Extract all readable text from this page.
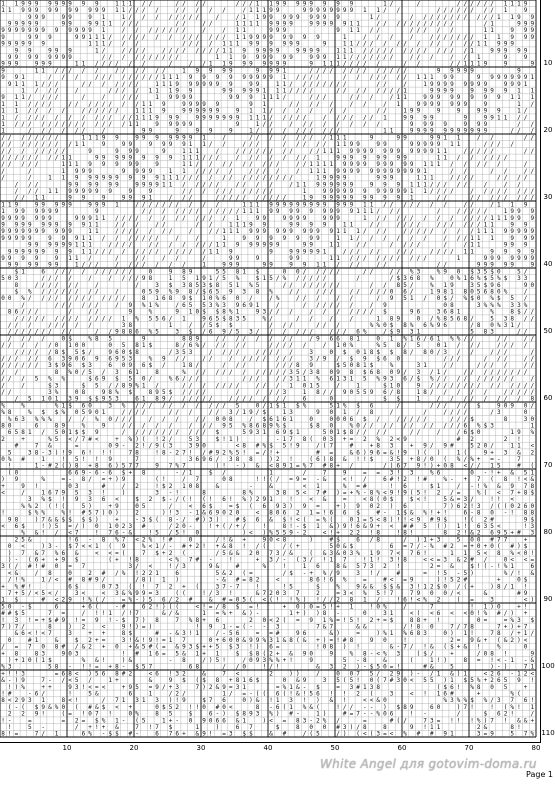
1 1 9 9 9 9 9 9 9 9 9	1 1 1 / /	/ / / /	/ / / 1 1 9 9 9 9 9 9 9 9	1 /	/	/ / / / / / 1 1 1 9
1 1 9 9 9 9 9 9 9 9 9 9 1 1 / / / /	/ / / / /	/ 1 1 1 9 9	9 9 9 9 9 9 9 9 1 1 / /	/ / / / / / / / 1	9
9 9 9	9 9	9 1	1 / / / / / / / /	/	/ 1 1 9 9 9 9 9 9 9 9 9	1 /	/ / / / / / / / / / / 1 1 9 9
9 9 9 9 9	9 9	9 9 1 1 / / /	/ /	/ /	1 1 1 1 9 9 9 9	9 9 9 9 9 1 1	/ / / / / / / / / / /	/ 1	9 9 9
9 9 9 9 9 9 9 9 9 9 9 9 1	/ / / / / / / /	/	/ 1 1	9 9 9	9 1 1 / /	/ / / / /	1 1	9 9 9
9	9 9 9	9 9 1 1 1 / / / / / / / / / / / / / 1 1 9 9 9 9 9 9 9 9	1	/ / /	/	/ / / / / / / 1 1 9 9 9
9 9 9 9 9 9	1 1 1 / / /	/ / / / 1 1 1 9 9 9 9 9 9	9	1 1 / / / / / / / / / / / / 1 1 9 9 9
9 9	9 9 9	1 /	/ / / /	/ / / / / / / / 1 1 9 9 9 9 9	9 9 9 9	1 1 1 / / / / / / / / / / / / / 1	9 9 9 9 9
9 9 9 9 9 9 9 9	/ / / / / / / / / /	1 1 9 9 9 9 9 9	9 9 9 1 1 / / / / / / /	/ / /	/ / 1	9	9
9 9 9	9 9 9	1 1 / / / / / /	/	/ / 1 1 9 9 9 9 9 9 9	9 1 1 1 / / / / /	/ /	/ / 1 1 1 9	9	9
9	1 1 / / / / /	/ / / / / /	1 9 9 9 9	9 9 9 1	/ / / / / / / / / / / / /	9 9 9 9 9	9
9 9 1	/ / /	/ / / / / / / / / 1 1 1 9 9 9 9 9 9 9 9 9 1 / / / /	/ / / / / / / 1 1 1 9 9	9 9 9 9 9 9 9 1
9 1 1 1 / / /	/ / / / / / /	1 1 1 9 9 9 9 9 9 9	9 9	1 1 / / / / / / / /	/ /	/	1 9 9 9 9 9 9 9 9	9 9 9 1
1 / / /	/	/ / / / 1 1 1 9 9	9 9 9 9 9 1 1 1 / / / /	/ / / / / / / / 1	9 9 9 9	9 9 9 9 1 1
9 1 1 / / / /	/	/	/ / /	1 9 9 9 9	9 9 9 1 1 1 /	/ / /	/ / /	/ 1 1	9 9 9 9 9 9 9 9 1 1 1
1 1 / / / /	/ / / / / / / / 1 1 9	9 9 9 9 9	9 1	/ / / / /	/ /	/ 1	9 9 9 9 9 9 9	9	1 /
1 1 / / / /	/ / / / / /	1 1 1 9	9 9 9 9 9 9	9 1 1 / / / /	/ /	/ /	1 9 9	9	9	9 9 9	1 /
1 / / / / / / / / / / / / 1 1 1 9 9 9	9 9 9 9 9 9 9 1 1 1 / / / / /	/ / / / / / 1	9 9 9 9	9	9 9 1 1 / /
1 / / / / / / / / / / / / / / 1 1	9 9 9 9 9	9	1 / /	/ / / / / / / /	9 9 9 9	9 9 9	/ /
1	/ / / / / /	/	9 9	9	9 9	9	1 / / / / / / / / /	1 1	9 9 9 9 9 9 9 9 9 9 9	/ / /
/ / / / / / / /	1 1 1 9 9	9 9 9 9 9 9 9 1	/	/ / / / / / / / 1 1 1	9	9 9	9 9 1 1	/ /	/ /
/ / / / / / / / / 1 1	9	9 9	9 9 9 9 1 1 / /	/ / /	/ / / / / 1 1 9 9	9 9	9 9 9 9 9 1 1	/ / / /
/ / / / / / / /	9	9 9 9	9	1 1 1	/	/ / / / / / / /	/ / 1 1 1 9 9 9 9 9 9 9 9 9 9 9 1 1	/ / / / /	/ /
/ / / / / / / / 1 1	9 9 9 9 9 9 9 9 1 1 1 / / /	/ / / / / / / 1	9 9 9 9 9 9 9 9	1 1 / / / / / /
/ / / / /	1 1 1 9 9 9 9 9	9	1 1 / / / / / / / / /	/ / 1 1 1 1 9 9 9 9 9 9 9 9 9 1 1 1 / / / / /	/
/	/	1 9 9 9	9 9 9 9	1 1 / / / / /	/ / / /	/ 1 1 1 9 9 9 9 9 9 9 9 9 9 9 9 1	/ /	/ /	/ /
/	/	1 1 9 9 9 9 9 9 9 9 9 1 1 1 / / / / / / / / / / / / / /	1 9 9 9 9	9 9 9	1 1 1	/ / / /	/ / / /
/ / /	9 9 9 9 9 9	9 9 9 9 1 1 / / / / /	/ / / /	/ 1 1 9 9 9 9 9 9	9 9 9 1 1 1 / / / / /	/	/ /
/ / / 1 1 9 9 9 9 9 9	9	9	/ / / / / / / / / / /	1	9 9 9 9 9 9 9 9 9 9 9 1 1 / / / /	/ / / / / / / /
/ / 1 1	9 9	9	9 9 9 1	/ / /	/ / / / / / / / / /	1 9 9 9 9 9 9 9 9 9 9 1	/ /	/ / / / / / / /
1 1 9	9 9 9 9 9	9 9 9 1	/ / / / / / / / / /	1 1 1 9 9 9 9 9 9 9 9 9 9 9 9 1 1 / / / / / / /	/ /	/ 1 1 9
1 9 9 9 9 9 9	9	/ / / / / / / / / / / / 1 1 1 9 9 9 9 9 9 9 9 9 1 1 1 / / /	/	/ / / / /	1 9 9 9
9 9 9 9 9 9 9	9 9 9 1 1 / / / / / / / / / / / / 1	9 9	9 9 9 9	9 9 9	1 / / / / / / / / / / / / 1 1 1 9 9 9
9 9 9 9 9 9 9 9 9 1 1	/ / /	/ /	/ /	1 1 1 9 9	9 9 9 9	1 1	/ /	/ / / /	/ / / / / / 1 1	9 9
9 9 9 9 9 9 9 9 9 9	1 1	/ / / / / / /	/	/ / 1 1 1 9 9 9 9 9 9 9 9 9 9 1 1 1 / / /	/ / / / / / / / 1 1 1 9 9 9 9 9
9 9 9 9 9	9 9 9 1 1 / / / / / / /	/	/	1	9 9 9 9 9 9 9	1 1 / / / / / /	/ / / 1 1 1	9 9 9
9 9 9 9 9 9 1 1 1	/ / / /	/ / / / / / / 1 1 9 9 9 9 9 9	9 9	1 1	/ /	/ / / /	/	/ 1 1	9 9 9
9 9 9 9 9 9 9 9 1 1 / / / / / / / / / / / / / 1 1 9	9	9 9 9 9 9 1	/ / / / /	/ / /	/ / / / 1 1	9 9 9 9
9 9 9 9	9 1 1 /	/	/ /	/ /	/	9 9	9	9 9	1 1 / / / / / / / / / /	1	9 9 9 9 9 9 9
9 9 9 9 9 9	1 / / /	/ / / / / / /	1	9 9 9	9 9	9 9 1 1 / / /	/ /	/ /	9 9 9 9 9	9
$ 1	6 / / / / / / / / / /	0	9 8 9	5 5 8 1 $	0 0 / / / / /	/ /	/ / % 3	% 9 0 $ 3 5 $ 0	5 /
5 0 3	/ / / /	/	/ / / / 9 8	1 5 1 9 1 / 5 %	$ 1 5 / % / / / / /	/	/ $ 3 6 8 %	0 % 1 6 % $ 5 % $ 3 3
8	/ / / / / /	/	/	3 $ 3 8 5 3 $ 8 5 1 % 5	/ / / / / / / /	/ / 8 5 /	% 1 9	3 5 $ 9 6	9 0
$ % / / / / / / / /	/	0 5 9 % 9 8 / $ 6 5 9 3 8 %	/ /	/ / /	/ / / / / 0 6 /	1 9 8 1 8 0 5 6 8 0 %	/
0 0 % / / / / / / / / / / / /	8 1 6 8 9 $ 1 0 % 6 0 /	/ %	/ / /	/ /	/ 9 5 1 / 0 $ / % $ 0 % $ 5 /
/	/ / / / / /	/ 9 % 1 %	/ 6 5 5 3 % 3 9 6 9 1	/	/ / / / / /	/ 9	0 8	3 % % % 3 3 %
8 6 / / /	/	/ /	9	%	9 1 0 $ $ 8 % 1	9 3 / / /	/ / / / / / / $	9 6	3 6 8 1	%	8 $ / /
/ / / / / / / / / / / / / 1 % 5 5 6 / 1	9 6 5 $ 8 3 5	% /	/ /	/	/	1 8 9	0 / % 8 5 6 8 /	5 3 8 / /
/ / /	/ / / / /	3 8	1	/ / 5 $ $	/ / /	/ / /	% % 0 $ 8 % 6 % 9 6	/ 8 0 % 3 1 /
/ / / / / / / / /	/ / 9 8 8 6 % 5	3 $ / 6 9 / 5 3 / / / / / /	/ / / 6 %	/ $ 9 3 1	5 8 3	/ /
/ / / /	0 $	% 8 5	9	8 8 9	/ / / / / / / /	/ 9 6 6 8 1	0 1 % 1 6 / 6 1 % % / /	/ /	/ /
/ / / / / 0 1 0 0	0 5 8 1 $	8 / 6 % / / / / /	/ / / / /	/ 1 0 %	% 5 8 / 5	0 1 / / /	/ / / /
/ / / / / 8 $ 5 $ /	9 6 0 $ 8	/ 3 5 3	/ / / /	/ / / / /	3	0 $ 0 1 8 $ $ 8 / 8 0 / 3 / /	/ / /	/
/ / / / / 6 3 9 0 6 9 6 9 5 3	% 9 / /	/ /	/ / / / / / / /	3 / 9 / $ 9 $ 6 0	/ / /	/ / /	/ /
/ / / / / / 3 $ 9 6 $ 3	6 0 9 6 $ /	1 8 /	/ / /	/ / / 8 9	$ 5 0 8 1 $	%	3 1	/ /	/ / / /	/ /
/ /	8 % 0 / 5 / 3 6 1	8	% / / / / / / / / / / / 3 5 / 3 8 0 9 8 $ 6 8 0 9 / 3 / 1 /	/ / / / / / / / /
/ / / 5 % %	$ 6 9 $ 5 0 /	% 6 / / /	/ / /	/ / 3 1 1 % 6 1 3 1 5 % 9 3 6 / $ % / / / / / / / / / /	/
/	/	$ 3	$ 5 / / 8 9 % 1 /	/ / / / / / /	/ / / 1 0 1 5	/	1	$ 1 0	9 / / / / / / / / / / / / / /
/ /	3 %	0 8	9 8 % $	8 9 5 $ / / / /	/	/ / / 3	1 8 / / 9 0 5 5 9 6 / 8	1 8 / / / / /	/ / / / /
/ 5 1 0 1 3 9 $ $ 9 5 3	6 1 8 9 / / / / / /	/ / / / / / /	6	0	$ $	1	/ / / / / / / / 8
%	%	% 1 $ 6 0	3 % / / / / / / / / / / 5	0 / 1 $ 1 $ %	5 1 % $ 6	/	/ / / / / $	9 0 9 0 /
% 8	% $ $ % 0 5 9 0 1	/ / / /	/ / /	/ / 3 / 1 9 / $	1 3	9 0 1 / 8	/	/	/ / / /	/ 3	0
% 6 3 % % %	/ / % 0 / / /	/ / /	/ / 0 0 8	/ $ 6 1 6 1	0	0 0 0 6 $ /	/ / / / /	/ / / $	8	3 0
8 0	6	8 9	%	9	/ / / / /	/ / / 9 5 % 8 6 8 9 % $	$ 8 0	% 0 / / / / / / / / / / / 6 % $ 3	1
6 5 8 1 / 5 0 1 $ $ 9	/ / / / / / / / / / / $	5 9 3 1 6 9 $ 1	5 0 1 $ 8 / / / /	/ /	/	/ 6 $ 0	1 9 %
2	+	% 5 < / 7 # <	+ % ) ( ! 2 /	5 3	$ ! 1 )	- 1 7 8 ( 0 3 + = 2 % 2 < 9	# 2	2 !
#	7 &	=	0 9 - 2 ! / 9 ( 3	3 9 0	< 8 # % $ 5 ! 9	/ ( 7	#	+ 8 3	+ 9 / 9 #	5 2 0 /	1 1 <
5	3 8 - 3 ) ! 9 6 ! ! !	7 8	! 8 - 2 7 ! / # 9 2 % 5 ! = / ! +	# =	& 6 ) 9 6 = & ! 9 ) ( )	1 (	9 + 3 & 2
0 % #	1	! 5 ! ! 9	7	3 6 9 6 / 3 8 8	) 2 !	( 6 ) 8 & ! ! $	3 5 + 8 / 0 ( % / % + = -	7
!	1 - # 2 ( ) 8 + 8 6 ) 5 7 7	9 7 % 7	) ! - ) & < 8 9 1 = % 7 # 8 + /	/ ) 6 7 9 ! ) + 0 8 < / / 1 5	# (
( 0	6 6 9 - 6 - 6 $ + 8	- / 1	$ /	1	/	7	9	= = 3 ! 3	% 6	0 - ! + & 5 1
) 9	%	= - 8 / = + ) 9	( !	/ 7	0 8	! ! ( / = 9 = - &	< ! /	6 # ! 2 ! #	% - + 7 ( 8 ! < &
+	9 !	0 3	#	/ 2	! $ 2 1 0 8	&	-	&	< 1	% = #	! 6	$ 1	/ - ! % & 9 7 8
<	/	1 6 7 9 5 3 !	)	3 - !	8	8 %	3 8 5 < 7 # ) = + % - 8 % < 9 ! 9 ( 5 ! 2 / =	% ( < 7 + 8 $
3 % $ ! 9 3 6 <	$ 2 $ - / ( ! ( ! 6 ! % ) 2 9 1	!	< &	=	< 8 ( 0 $	$ < !	5 & = 3 /	! ! <
% % 2 ( ! (	5 )	+ 9	0 5	/	< 6 $	= $ ( 6 9 3 ) 9 =	+ ) 9 0 2 ) 6	7 ) 6 2 ! 3 / ( ( 0 2 6 0
!	$ % %	% ! # 5 7 ) 0 )	2	) ! 3 - 1 & 6 9 0 2 0	< 8 0 6 2 1 = ! 6 6 $	# - 1 $ & % ! + !	6 - 8 0 - ! 8 8
9 8	) 7 & & $ $ $ $ )	+	- 3 $ ( 8 - / # ) 3 )	# $ 6 & $ ! < ( = % (	0 1 = 5 < 8 ) ! ! < 9 # 9 $	! ( 2 #	9 $
< 6 $	! ) 5 = / ) 0 1 0 2 3 #	/ 2 0 -	! + ( / + /	!	8 ! - $ 1 & ) 9 ! 6 & 9 + < # # 5 ( ) 1 ! 6 3 5 <	! 3
% & ! / < 7	! 7 6 - &	! 5 / 5 ! 0	) < ) % 5 5 9 - 2	< ! + 2 2 ! 8	! 8 !	8 2 ! & 2 6 9 5 + # 3
2 5 &	! 6 - 8 % 7 < 2 % ! #	0	/ ! & +	9 0 < 8	)	# $	6 / 8	/ ) 1 + 3	5 0 0 # 7 7	+
0 <	) 3 - $ 7 < < 1 ( 9	% < 1 / - # + 2 ! + & 8 ! / (	/ ( +	5 0 & $	6 = 7 / - % # 2 = + 0 + 0 ( # ) $
) 7 & 7 % 6 &	< < = (	7 $ + 2 (	/ 5 & & 2 0 7 3 / &	( & 3 & 0 3 % 1 9 7 < 7 6 !	1 1 5 < 8 % < 0 !
) - ( 6 + + 9 $	( + ! 8	< % 7 # -	!	+ 3 / - ( 3 / ! 1 7	! 1 ! 3 ! 8	< < = 3 & 2 # /	0 < < =
3 ( / # ! # 0 = 7	3 / <	! / 3	9 &	#	%	!	1 6	8 & 5 7 3 2 !	2 = &	$ ! ( - ! % 1	6
< &	/ 8	0	2 # / % ! 2 2 1	6	5 & 2 ( =	/ $ - + % / 9	3 ! /	#	= ! 5 - 5 )	% / ! &
/ ! %	1 / < # 8 # 9 /	/ 8 ) 1 )	- & # = 8 2	<	8 6 ! 6 %	=	# < = 9	) ! 5 2 #	+	0 $
+ % # !	6 $	0 7 3 ( ! 7 2 + (	3 7 - 7	!	! 5	$	%	9 & & $ $ & 3 ! 1 2 $ 0 / ( +	) 8 / 1 !
7 + 5 / < 5 < /	3 <	< 3 & % 9 9 = 3	( (	! / 3 !	& 7 2 0 3 7	2	= 3 < % 5 ! 7	7 9 0 0 / <	&	# 9
1 $	# < 2 9 ! % ( /	= % - ) 5 6 / 2 #	& # = 0 5 ( < ( ! ! % ) ! / / 2 8 1 /	! 6 ! < % 2	( =	3	< )
5 0 - $	6	+ 6 (	- #	6 2 ! ) ( (	< ! = / 8 $ = !	+ 0 ) 0 = 5 ! + 1	! 0 %	/	7	! 1 ) 0	+ !
# # $ 5	7 =	/ ! ! 1 / ! 7	& / &	1 = % + & ) -	1 + ) ) 8 -	0	3 1	< ( < 6 < < 0 ! % # / ) +
! 3 ! = + $ # 9 ! = 9 ! - $ 7 ) 8	7 % 8 + 6	2 0 < 2 ( = 9 1 % = ! 5 ! 2 + = $	8 8 + !	0 =	= % 3 $
7 ) 7 /	8	) 2	<	9 ! ) = )	! 9 1 - = ( - - 3	7 & 7	& &	/ ! 8 0	7 / 7 8	7 + ) + 7
& 6 < ! < 7	3	+ +	8 $	# - & 3 ! 1	/ - 5 6	= = #	9 6	& )	=	) % 1 % 6 8 3	0 ) 1 !	7 8 / + 1 /
0	# 1	&	$ 2 + =	3 ! & ! 9 ! = 1 7	0 + 6 0 0 & 9 9 % 3 1 & 8 ( & + ) = ! # 8	9 0	!	2 = 9 & + ( & 2 ) <
/ = 7 0 8 # / & 2 + 0 + & 5 # ( = & 9 3 $ + + 5 $ 3 ! ) 6 =	! 0 8 ) !	& - 7 / ! & ( $ + & !	%	0
+ 8	8 3	9 0 3	! # 1 6 = 5 & 1 + 1	$ $ 8 ( 2 + & 9 0	9	% 8 - < % 3	( $ /	+	/ 0 8 !	9
) + 1 0 ( 1 $	% & !	) &	- 8	/ ) 5 !	/ 0 9 3 % % + !	9	5 - 8	&	(	1 ! )	8 = ! < - 1 - &
% 3	5 8 - ! ! = + 8 - $ 5 7	6 8	/ / 0	! / !	& 3 2 ) - $ 5 0 = !	# &	5	) - )	7 1
+ ! ! 3	= 6 8 < ) 5 6 8 # 2	< 6 ! 3 2	&	7 <	2	) )	/	0 0 7 5 / 2 9 ) - / 1 & ) 1	< 2 6 - 1 2 <
& - ) 9	7 - / < 5 /	1 +	&	9 $ ( $ 8 + 8 1 6 $	0 & 9	3 5 ( 5 ! 0 ( 7 # 3 0 < 5 5 ) 1 $ 5 % + 2 6 5 9 !
! ) %	+ +	9 3 ! < = <	+ 9 5 = 9 / + 3	7 ) 2 & 9 = 3 1	= % 1 & - $	= 3 # 1 3 8	( $ 6 ! % 8 0 5	+
! #	- 6 /	!	5 &	6	1	/ 2 /	1 / = - ( ( 6 ( ! & ! 5 6 ! ! 2 (	3	< ! 1 6 #	+	% (
8 < 2 9 3 1	8 < !	/ 7 1 3 1 3 ) ! 9	$ 7 6	0 ) & ! 1 3 ! ) & !	< < & 0	% 3 % % $ % / 3 7 6 !
( - ( $ 9 & % 0 ( # & $ < +	0 $ 5 2 ! ! 0 # 0 <	8 - 6 ( 1 % & (	! / / - - ) $ 8 9	6 0	) 7 !	! ( % ! 1
2 2 9 !	( = ! 0 7 !	0 %	8 5	$	6 - ) $ 8 9 3 % ) # -	1 )	# = 7 - - % 0 6	! -	/	$ 6 2 !	/
! -	=	= 2 = $ % 1 - ( 5	1 + - 0 9 0 6 6 & 1	) < = 8 3 - 2 % /	=	# ( /	7 3 = ! ! ! % ) 7 ! & & +
!	5 -	/ + ! + &	7 ! 7 $	1	)	6 7	$	8 0 0 # 3 ) / 8	8	9 ! 1 1	2 &	8 !
8 ! =	7 / 1	6 % - $ $ # -	6 7 6 + & 9 ! = 3 $ $	& #	/ ( 5	/ ) ( < ( 3 = < % # # 9 1	3 = 9	5 7 %
10
20
30
40
50
60
70
80
90
100
110
10	20	30	40	50	60	70	80
White Angel для gotovim-doma.ru
Page 1
